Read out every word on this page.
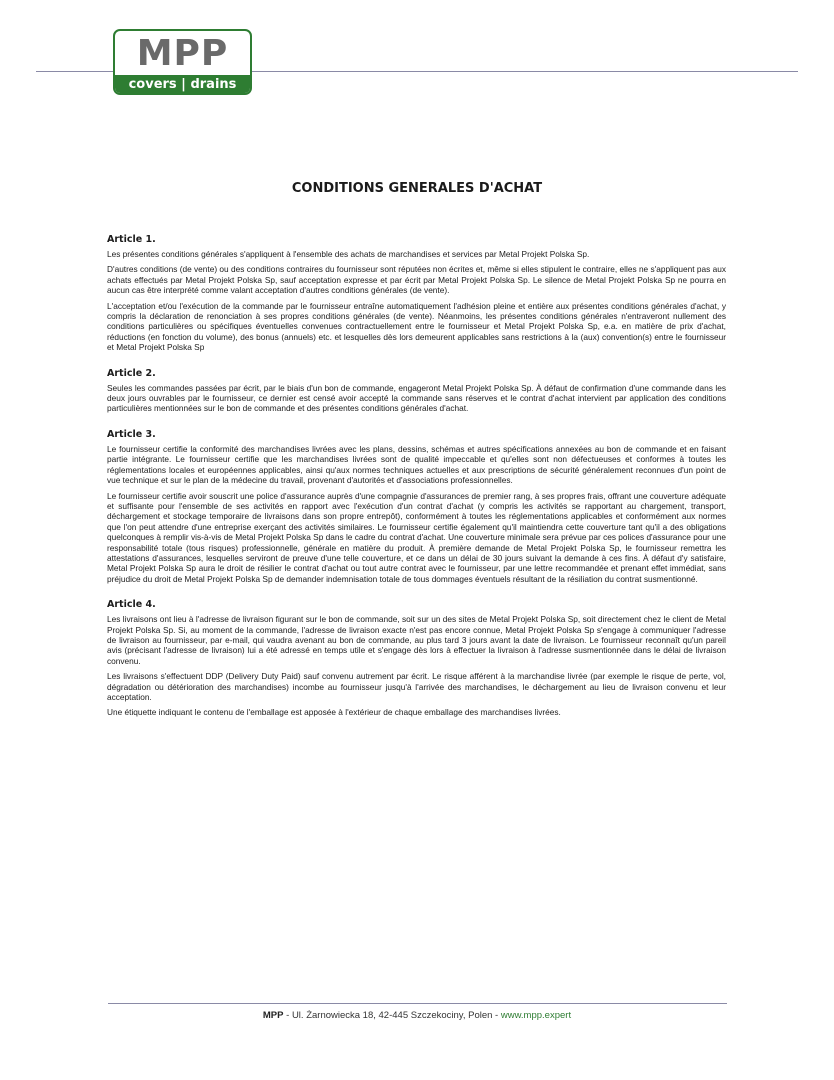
MPP
covers | drains
CONDITIONS GENERALES D'ACHAT
Article 1.

Les présentes conditions générales s'appliquent à l'ensemble des achats de marchandises et services par Metal Projekt Polska Sp.

D'autres conditions (de vente) ou des conditions contraires du fournisseur sont réputées non écrites et, même si elles stipulent le contraire, elles ne s'appliquent pas aux achats effectués par Metal Projekt Polska Sp, sauf acceptation expresse et par écrit par Metal Projekt Polska Sp. Le silence de Metal Projekt Polska Sp ne pourra en aucun cas être interprété comme valant acceptation d'autres conditions générales (de vente).

L'acceptation et/ou l'exécution de la commande par le fournisseur entraîne automatiquement l'adhésion pleine et entière aux présentes conditions générales d'achat, y compris la déclaration de renonciation à ses propres conditions générales (de vente). Néanmoins, les présentes conditions générales n'entraveront nullement des conditions particulières ou spécifiques éventuelles convenues contractuellement entre le fournisseur et Metal Projekt Polska Sp, e.a. en matière de prix d'achat, réductions (en fonction du volume), des bonus (annuels) etc. et lesquelles dès lors demeurent applicables sans restrictions à la (aux) convention(s) entre le fournisseur et Metal Projekt Polska Sp

Article 2.

Seules les commandes passées par écrit, par le biais d'un bon de commande, engageront Metal Projekt Polska Sp. À défaut de confirmation d'une commande dans les deux jours ouvrables par le fournisseur, ce dernier est censé avoir accepté la commande sans réserves et le contrat d'achat intervient par application des conditions particulières mentionnées sur le bon de commande et des présentes conditions générales d'achat.

Article 3.

Le fournisseur certifie la conformité des marchandises livrées avec les plans, dessins, schémas et autres spécifications annexées au bon de commande et en faisant partie intégrante. Le fournisseur certifie que les marchandises livrées sont de qualité impeccable et qu'elles sont non défectueuses et conformes à toutes les réglementations locales et européennes applicables, ainsi qu'aux normes techniques actuelles et aux prescriptions de sécurité généralement reconnues d'un point de vue technique et sur le plan de la médecine du travail, provenant d'autorités et d'associations professionnelles.

Le fournisseur certifie avoir souscrit une police d'assurance auprès d'une compagnie d'assurances de premier rang, à ses propres frais, offrant une couverture adéquate et suffisante pour l'ensemble de ses activités en rapport avec l'exécution d'un contrat d'achat (y compris les activités se rapportant au chargement, transport, déchargement et stockage temporaire de livraisons dans son propre entrepôt), conformément à toutes les réglementations applicables et conformément aux normes que l'on peut attendre d'une entreprise exerçant des activités similaires. Le fournisseur certifie également qu'il maintiendra cette couverture tant qu'il a des obligations quelconques à remplir vis-à-vis de Metal Projekt Polska Sp dans le cadre du contrat d'achat. Une couverture minimale sera prévue par ces polices d'assurance pour une responsabilité totale (tous risques) professionnelle, générale en matière du produit. À première demande de Metal Projekt Polska Sp, le fournisseur remettra les attestations d'assurances, lesquelles serviront de preuve d'une telle couverture, et ce dans un délai de 30 jours suivant la demande à ces fins. À défaut d'y satisfaire, Metal Projekt Polska Sp aura le droit de résilier le contrat d'achat ou tout autre contrat avec le fournisseur, par une lettre recommandée et prenant effet immédiat, sans préjudice du droit de Metal Projekt Polska Sp de demander indemnisation totale de tous dommages éventuels résultant de la résiliation du contrat susmentionné.

Article 4.

Les livraisons ont lieu à l'adresse de livraison figurant sur le bon de commande, soit sur un des sites de Metal Projekt Polska Sp, soit directement chez le client de Metal Projekt Polska Sp. Si, au moment de la commande, l'adresse de livraison exacte n'est pas encore connue, Metal Projekt Polska Sp s'engage à communiquer l'adresse de livraison au fournisseur, par e-mail, qui vaudra avenant au bon de commande, au plus tard 3 jours avant la date de livraison. Le fournisseur reconnaît qu'un pareil avis (précisant l'adresse de livraison) lui a été adressé en temps utile et s'engage dès lors à effectuer la livraison à l'adresse susmentionnée dans le délai de livraison convenu.

Les livraisons s'effectuent DDP (Delivery Duty Paid) sauf convenu autrement par écrit. Le risque afférent à la marchandise livrée (par exemple le risque de perte, vol, dégradation ou détérioration des marchandises) incombe au fournisseur jusqu'à l'arrivée des marchandises, le déchargement au lieu de livraison convenu et leur acceptation.

Une étiquette indiquant le contenu de l'emballage est apposée à l'extérieur de chaque emballage des marchandises livrées.

MPP - Ul. Żarnowiecka 18, 42-445 Szczekociny, Polen - www.mpp.expert
